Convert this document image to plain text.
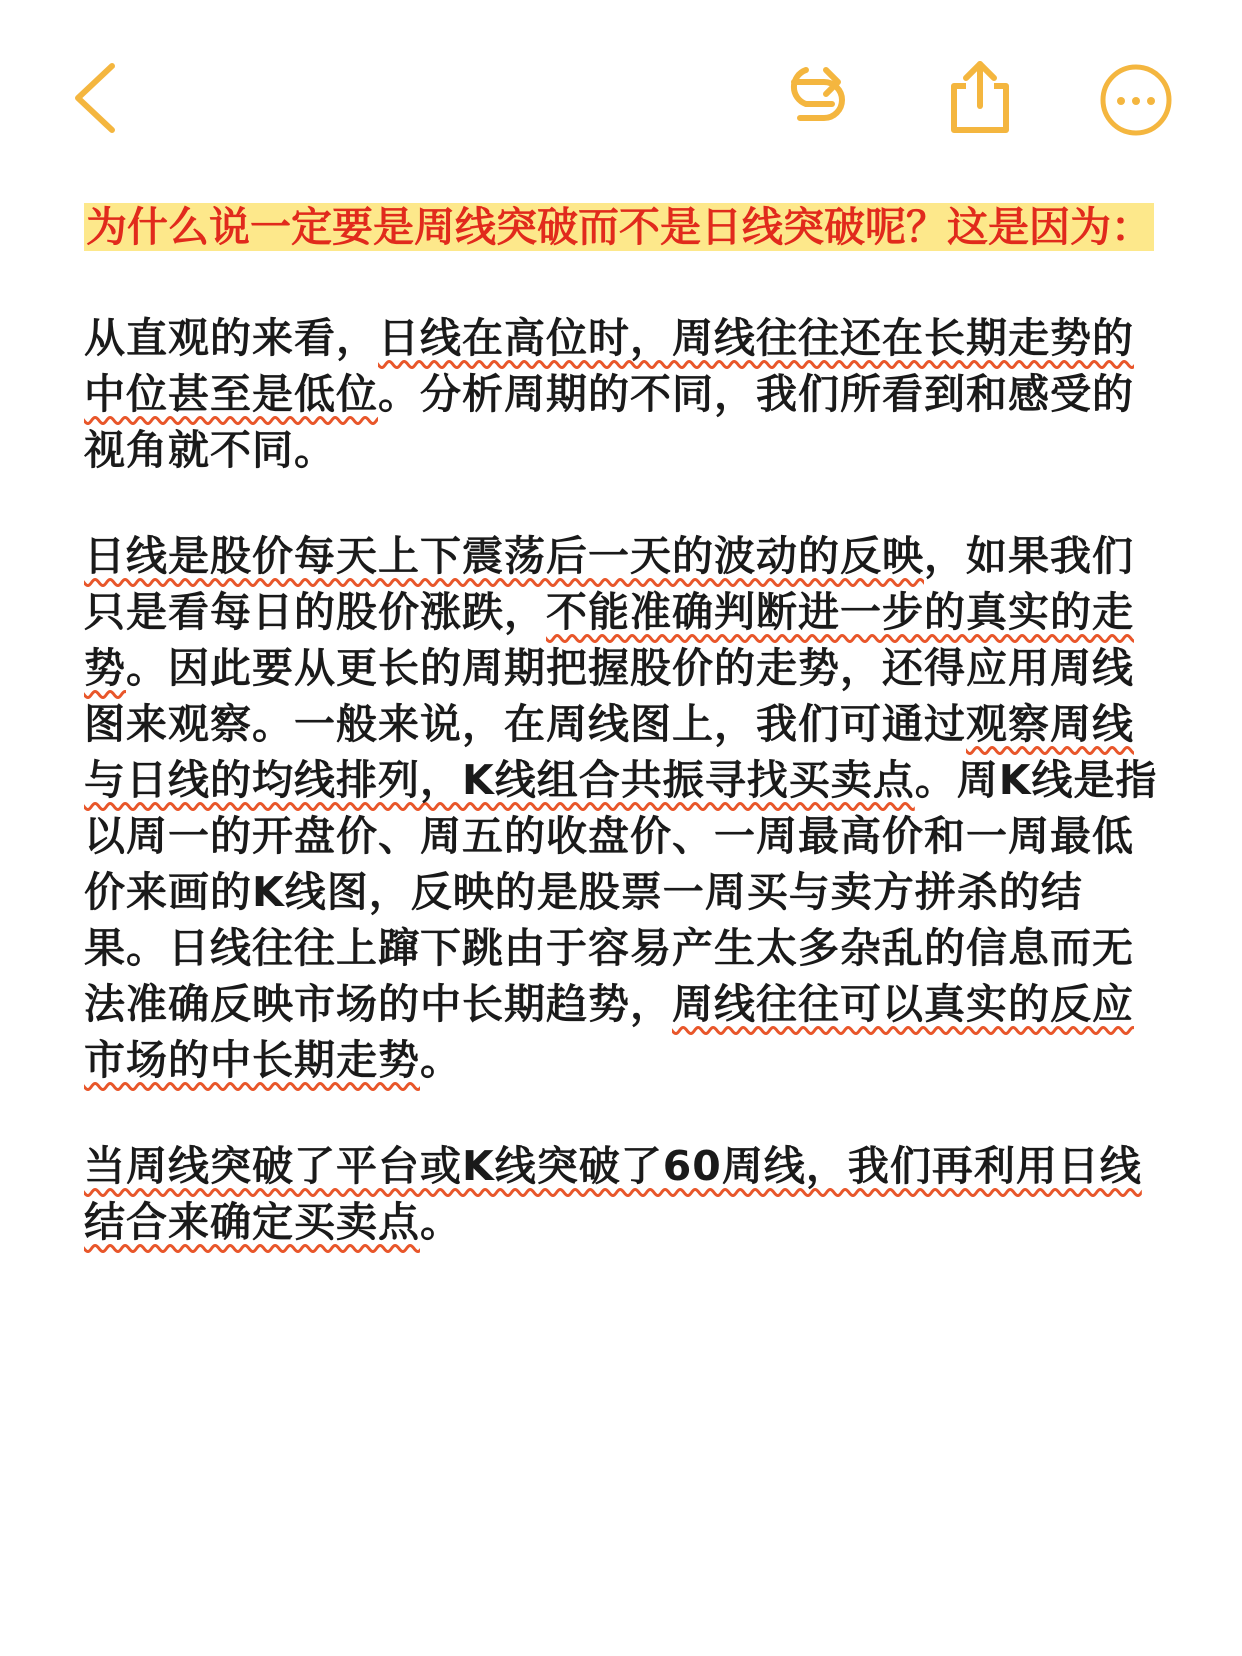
为什么说一定要是周线突破而不是日线突破呢？这是因为：

从直观的来看，日线在高位时，周线往往还在长期走势的中位甚至是低位。分析周期的不同，我们所看到和感受的视角就不同。

日线是股价每天上下震荡后一天的波动的反映，如果我们只是看每日的股价涨跌，不能准确判断进一步的真实的走势。因此要从更长的周期把握股价的走势，还得应用周线图来观察。一般来说，在周线图上，我们可通过观察周线与日线的均线排列，K线组合共振寻找买卖点。周K线是指以周一的开盘价、周五的收盘价、一周最高价和一周最低价来画的K线图，反映的是股票一周买与卖方拼杀的结果。日线往往上蹿下跳由于容易产生太多杂乱的信息而无法准确反映市场的中长期趋势，周线往往可以真实的反应市场的中长期走势。

当周线突破了平台或K线突破了60周线，我们再利用日线结合来确定买卖点。
